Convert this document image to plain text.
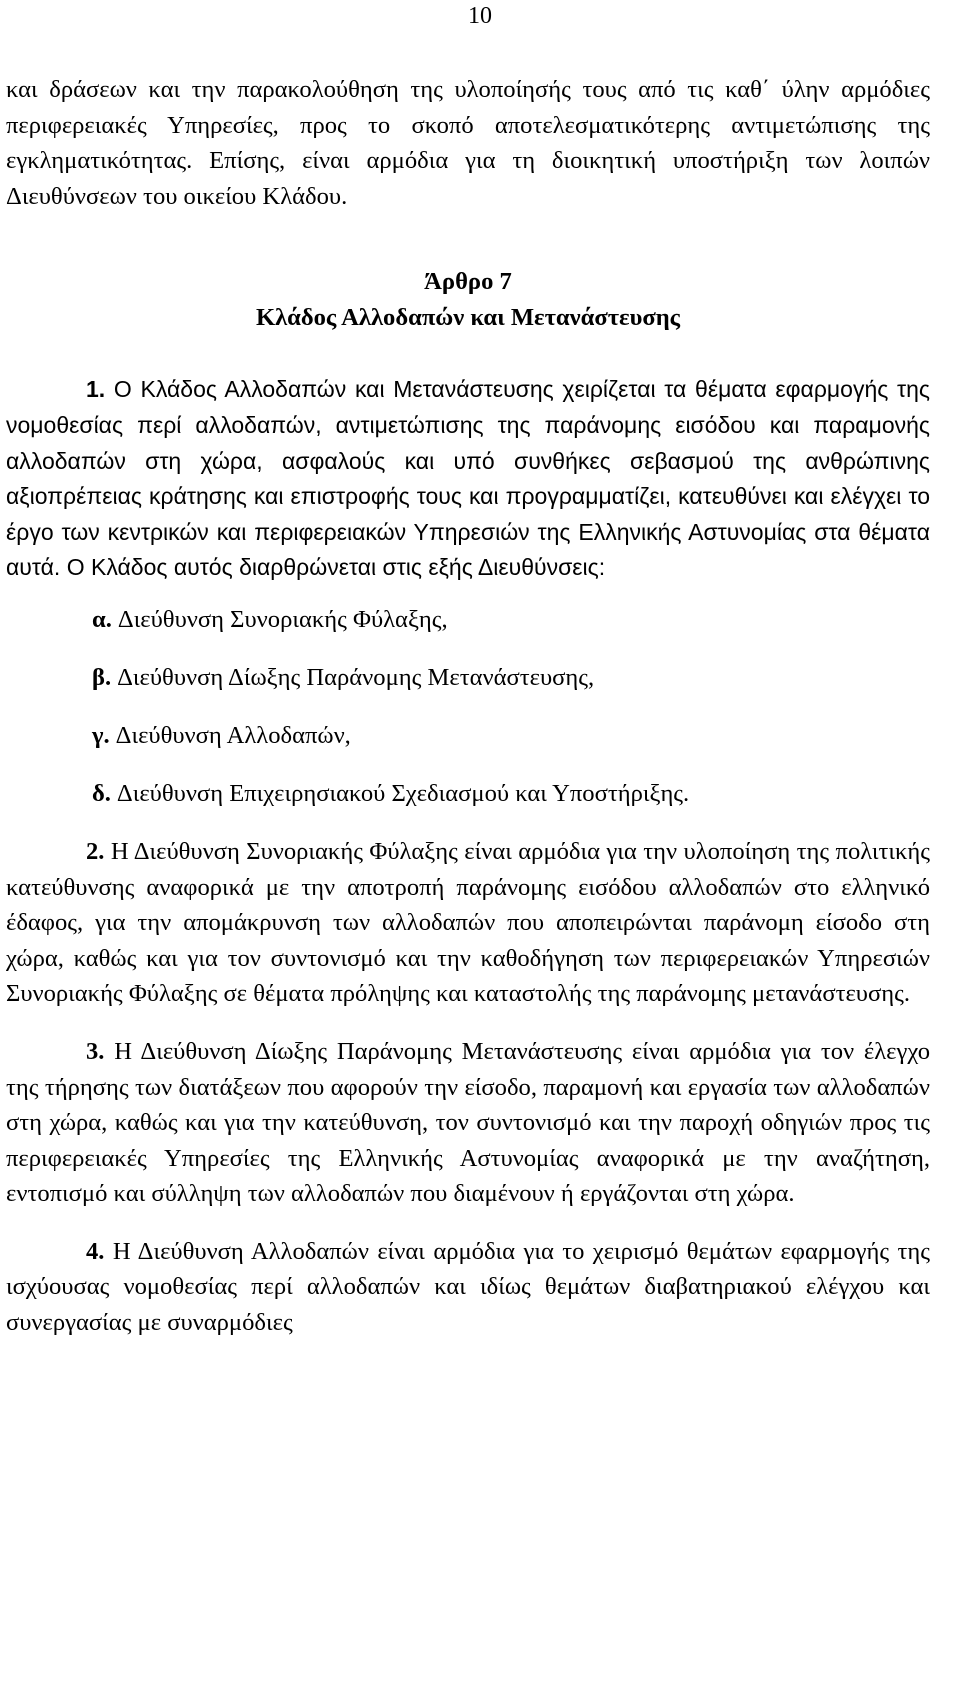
10

και δράσεων και την παρακολούθηση της υλοποίησής τους από τις καθ΄ ύλην αρμόδιες περιφερειακές Υπηρεσίες, προς το σκοπό αποτελεσματικότερης αντιμετώπισης της εγκληματικότητας. Επίσης, είναι αρμόδια για τη διοικητική υποστήριξη των λοιπών Διευθύνσεων του οικείου Κλάδου.

Άρθρο 7

Κλάδος Αλλοδαπών και Μετανάστευσης

1. Ο Κλάδος Αλλοδαπών και Μετανάστευσης χειρίζεται τα θέματα εφαρμογής της νομοθεσίας περί αλλοδαπών, αντιμετώπισης της παράνομης εισόδου και παραμονής αλλοδαπών στη χώρα, ασφαλούς και υπό συνθήκες σεβασμού της ανθρώπινης αξιοπρέπειας κράτησης και επιστροφής τους και προγραμματίζει, κατευθύνει και ελέγχει το έργο των κεντρικών και περιφερειακών Υπηρεσιών της Ελληνικής Αστυνομίας στα θέματα αυτά. Ο Κλάδος αυτός διαρθρώνεται στις εξής Διευθύνσεις:

α. Διεύθυνση Συνοριακής Φύλαξης,
β. Διεύθυνση Δίωξης Παράνομης Μετανάστευσης,
γ. Διεύθυνση Αλλοδαπών,
δ. Διεύθυνση Επιχειρησιακού Σχεδιασμού και Υποστήριξης.

2. Η Διεύθυνση Συνοριακής Φύλαξης είναι αρμόδια για την υλοποίηση της πολιτικής κατεύθυνσης αναφορικά με την αποτροπή παράνομης εισόδου αλλοδαπών στο ελληνικό έδαφος, για την απομάκρυνση των αλλοδαπών που αποπειρώνται παράνομη είσοδο στη χώρα, καθώς και για τον συντονισμό και την καθοδήγηση των περιφερειακών Υπηρεσιών Συνοριακής Φύλαξης σε θέματα πρόληψης και καταστολής της παράνομης μετανάστευσης.

3. Η Διεύθυνση Δίωξης Παράνομης Μετανάστευσης είναι αρμόδια για τον έλεγχο της τήρησης των διατάξεων που αφορούν την είσοδο, παραμονή και εργασία των αλλοδαπών στη χώρα, καθώς και για την κατεύθυνση, τον συντονισμό και την παροχή οδηγιών προς τις περιφερειακές Υπηρεσίες της Ελληνικής Αστυνομίας αναφορικά με την αναζήτηση, εντοπισμό και σύλληψη των αλλοδαπών που διαμένουν ή εργάζονται στη χώρα.

4. Η Διεύθυνση Αλλοδαπών είναι αρμόδια για το χειρισμό θεμάτων εφαρμογής της ισχύουσας νομοθεσίας περί αλλοδαπών και ιδίως θεμάτων διαβατηριακού ελέγχου και συνεργασίας με συναρμόδιες
